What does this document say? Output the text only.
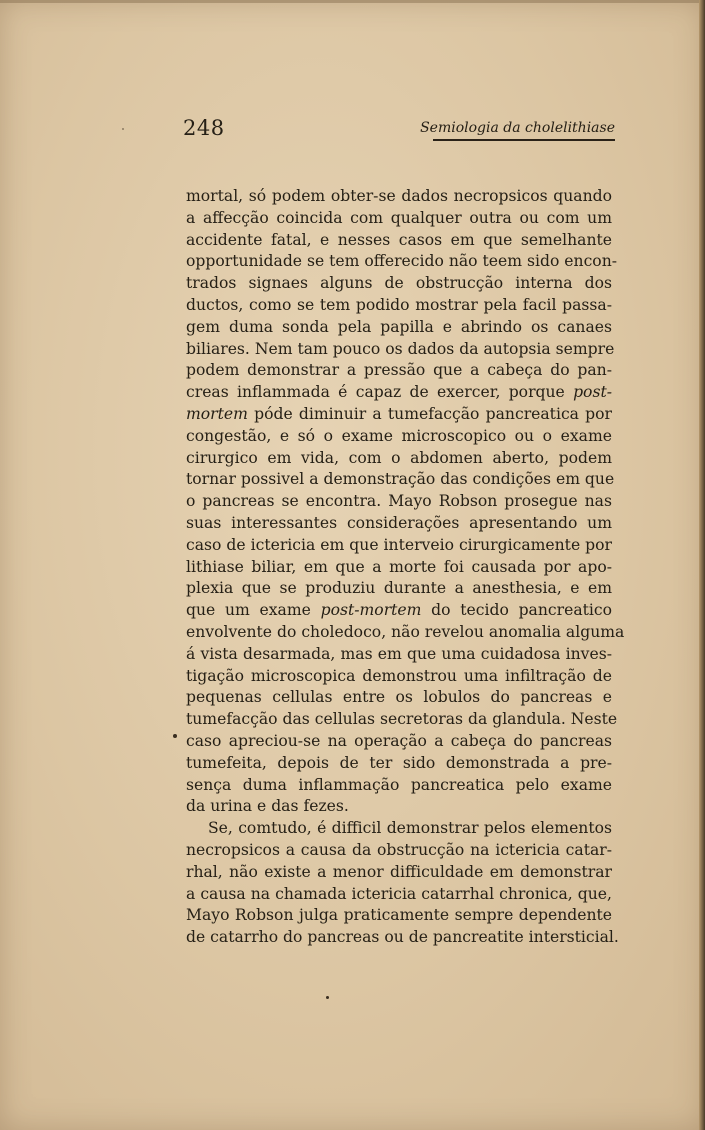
248	Semiologia da cholelithiase
mortal, só podem obter-se dados necropsicos quando
a affecção coincida com qualquer outra ou com um
accidente fatal, e nesses casos em que semelhante
opportunidade se tem offerecido não teem sido encon-
trados signaes alguns de obstrucção interna dos
ductos, como se tem podido mostrar pela facil passa-
gem duma sonda pela papilla e abrindo os canaes
biliares. Nem tam pouco os dados da autopsia sempre
podem demonstrar a pressão que a cabeça do pan-
creas inflammada é capaz de exercer, porque post-
mortem póde diminuir a tumefacção pancreatica por
congestão, e só o exame microscopico ou o exame
cirurgico em vida, com o abdomen aberto, podem
tornar possivel a demonstração das condições em que
o pancreas se encontra. Mayo Robson prosegue nas
suas interessantes considerações apresentando um
caso de ictericia em que interveio cirurgicamente por
lithiase biliar, em que a morte foi causada por apo-
plexia que se produziu durante a anesthesia, e em
que um exame post-mortem do tecido pancreatico
envolvente do choledoco, não revelou anomalia alguma
á vista desarmada, mas em que uma cuidadosa inves-
tigação microscopica demonstrou uma infiltração de
pequenas cellulas entre os lobulos do pancreas e
tumefacção das cellulas secretoras da glandula. Neste
caso apreciou-se na operação a cabeça do pancreas
tumefeita, depois de ter sido demonstrada a pre-
sença duma inflammação pancreatica pelo exame
da urina e das fezes.
Se, comtudo, é difficil demonstrar pelos elementos
necropsicos a causa da obstrucção na ictericia catar-
rhal, não existe a menor difficuldade em demonstrar
a causa na chamada ictericia catarrhal chronica, que,
Mayo Robson julga praticamente sempre dependente
de catarrho do pancreas ou de pancreatite intersticial.
